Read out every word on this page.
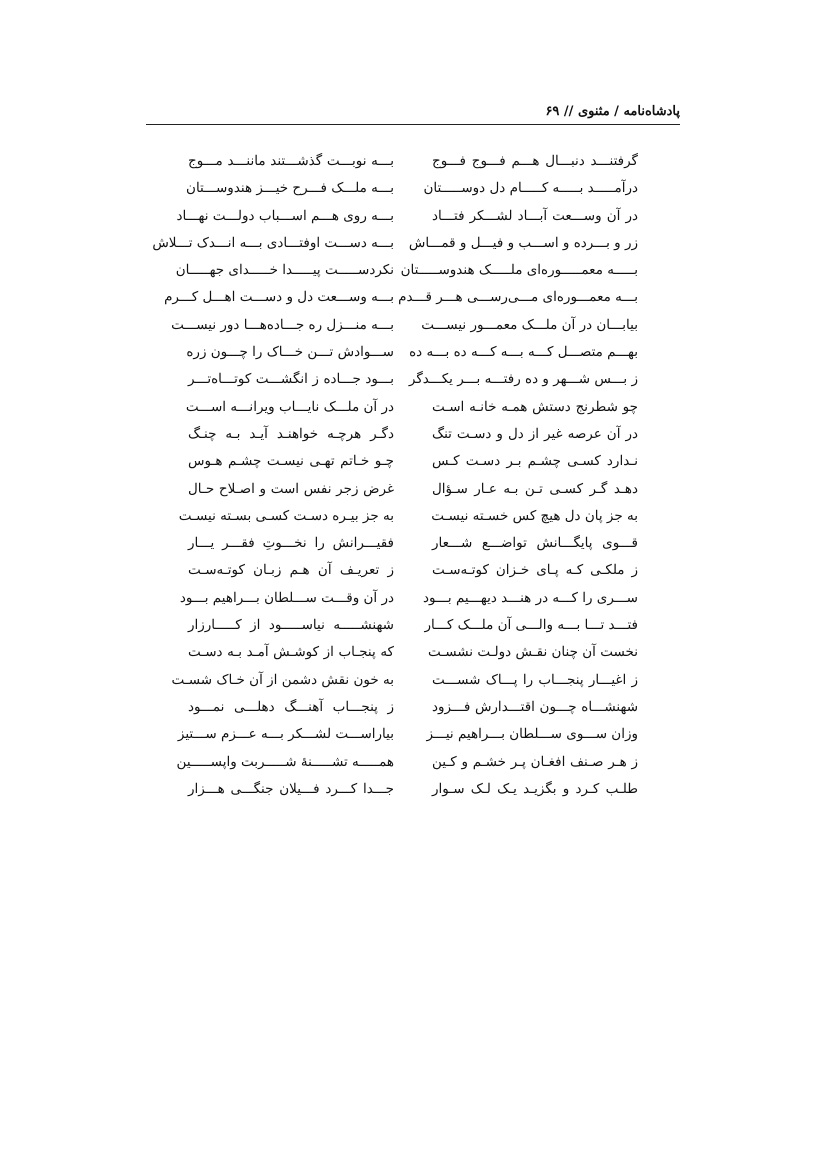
پادشاه‌نامه / مثنوی // ۶۹
گرفتنـــد دنبـــال هـــم فـــوج فـــوج
بـــه نوبـــت گذشـــتند ماننـــد مـــوج
درآمـــــد بـــــه کـــــام دل دوســـــتان
بـــه ملـــک فـــرح خیـــز هندوســـتان
در آن وســـعت آبـــاد لشـــکر فتـــاد
بـــه روی هـــم اســـباب دولـــت نهـــاد
زر و بـــرده و اســـب و فیـــل و قمـــاش
بـــه دســـت اوفتـــادی بـــه انـــدک تـــلاش
بـــــه معمـــــوره‌ای ملـــــک هندوســـــتان
نکردســـــت پیـــــدا خـــــدای جهـــــان
بـــه معمـــوره‌ای مـــی‌رســـی هـــر قـــدم
بـــه وســـعت دل و دســـت اهـــل کـــرم
بیابـــان در آن ملـــک معمـــور نیســـت
بـــه منـــزل ره جـــاده‌هـــا دور نیســـت
بهـــم متصـــل کـــه بـــه کـــه ده بـــه ده
ســـوادش تـــن خـــاک را چـــون زره
ز بـــس شـــهر و ده رفتـــه بـــر یکـــدگر
بـــود جـــاده ز انگشـــت کوتـــاه‌تـــر
چو شطرنج دستش همـه خانـه اسـت
در آن ملـــک نایـــاب ویرانـــه اســـت
در آن عرصه غیر از دل و دسـت تنگ
دگـر هرچـه خواهنـد آیـد بـه چنـگ
نـدارد کسـی چشـم بـر دسـت کـس
چـو خـاتم تهـی نیسـت چشـم هـوس
دهـد گـر کسـی تـن بـه عـار سـؤال
غرض زجر نفس است و اصـلاح حـال
به جز پان دل هیچ کس خسـته نیسـت
به جز بیـره دسـت کسـی بسـته نیسـت
قـــوی پایگـــانش تواضـــع شـــعار
فقیـــرانش را نخـــوتِ فقـــر یـــار
ز ملکـی کـه پـای خـزان کوتـه‌سـت
ز تعریـف آن هـم زبـان کوتـه‌سـت
ســـری را کـــه در هنـــد دیهـــیم بـــود
در آن وقـــت ســـلطان بـــراهیم بـــود
فتـــد تـــا بـــه والـــی آن ملـــک کـــار
شهنشـــــه نیاســـــود از کـــــارزار
نخست آن چنان نقـش دولـت نشسـت
که پنجـاب از کوشـش آمـد بـه دسـت
ز اغیـــار پنجـــاب را پـــاک شســـت
به خون نقش دشمن از آن خـاک شسـت
شهنشـــاه چـــون اقتـــدارش فـــزود
ز پنجـــاب آهنـــگ دهلـــی نمـــود
وزان ســـوی ســـلطان بـــراهیم نیـــز
بیاراســـت لشـــکر بـــه عـــزم ســـتیز
ز هـر صـنف افغـان پـر خشـم و کـین
همـــــه تشـــــنهٔ شـــــربت واپســـــین
طلـب کـرد و بگزیـد یـک لـک سـوار
جـــدا کـــرد فـــیلان جنگـــی هـــزار
